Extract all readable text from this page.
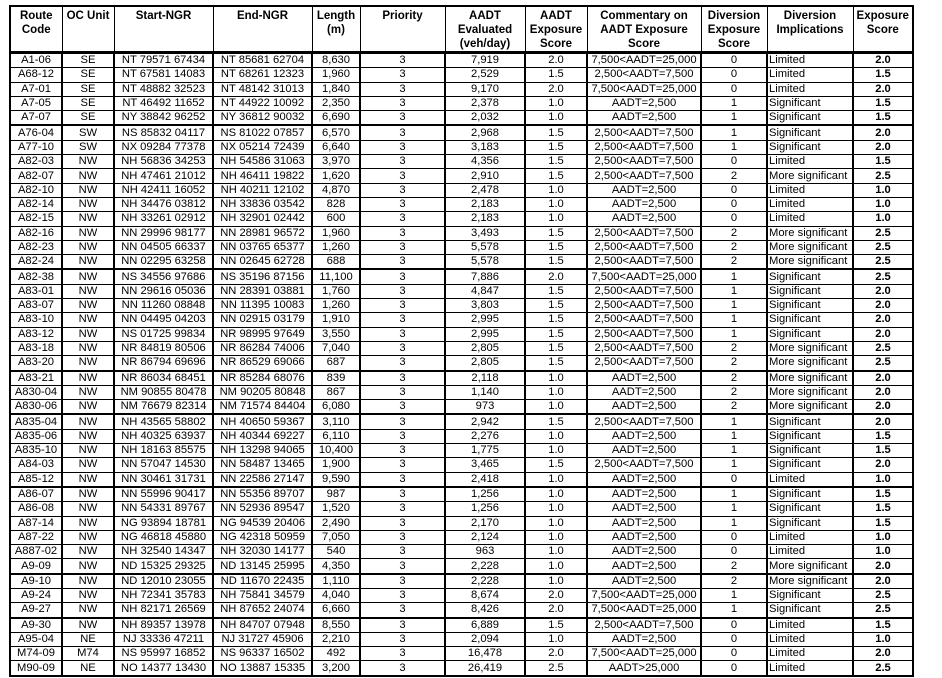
Route Code	OC Unit	Start-NGR	End-NGR	Length (m)	Priority	AADT Evaluated (veh/day)	AADT Exposure Score	Commentary on AADT Exposure Score	Diversion Exposure Score	Diversion Implications	Exposure Score
A1-06	SE	NT 79571 67434	NT 85681 62704	8,630	3	7,919	2.0	7,500<AADT=25,000	0	Limited	2.0
A68-12	SE	NT 67581 14083	NT 68261 12323	1,960	3	2,529	1.5	2,500<AADT=7,500	0	Limited	1.5
A7-01	SE	NT 48882 32523	NT 48142 31013	1,840	3	9,170	2.0	7,500<AADT=25,000	0	Limited	2.0
A7-05	SE	NT 46492 11652	NT 44922 10092	2,350	3	2,378	1.0	AADT=2,500	1	Significant	1.5
A7-07	SE	NY 38842 96252	NY 36812 90032	6,690	3	2,032	1.0	AADT=2,500	1	Significant	1.5
A76-04	SW	NS 85832 04117	NS 81022 07857	6,570	3	2,968	1.5	2,500<AADT=7,500	1	Significant	2.0
A77-10	SW	NX 09284 77378	NX 05214 72439	6,640	3	3,183	1.5	2,500<AADT=7,500	1	Significant	2.0
A82-03	NW	NH 56836 34253	NH 54586 31063	3,970	3	4,356	1.5	2,500<AADT=7,500	0	Limited	1.5
A82-07	NW	NH 47461 21012	NH 46411 19822	1,620	3	2,910	1.5	2,500<AADT=7,500	2	More significant	2.5
A82-10	NW	NH 42411 16052	NH 40211 12102	4,870	3	2,478	1.0	AADT=2,500	0	Limited	1.0
A82-14	NW	NH 34476 03812	NH 33836 03542	828	3	2,183	1.0	AADT=2,500	0	Limited	1.0
A82-15	NW	NH 33261 02912	NH 32901 02442	600	3	2,183	1.0	AADT=2,500	0	Limited	1.0
A82-16	NW	NN 29996 98177	NN 28981 96572	1,960	3	3,493	1.5	2,500<AADT=7,500	2	More significant	2.5
A82-23	NW	NN 04505 66337	NN 03765 65377	1,260	3	5,578	1.5	2,500<AADT=7,500	2	More significant	2.5
A82-24	NW	NN 02295 63258	NN 02645 62728	688	3	5,578	1.5	2,500<AADT=7,500	2	More significant	2.5
A82-38	NW	NS 34556 97686	NS 35196 87156	11,100	3	7,886	2.0	7,500<AADT=25,000	1	Significant	2.5
A83-01	NW	NN 29616 05036	NN 28391 03881	1,760	3	4,847	1.5	2,500<AADT=7,500	1	Significant	2.0
A83-07	NW	NN 11260 08848	NN 11395 10083	1,260	3	3,803	1.5	2,500<AADT=7,500	1	Significant	2.0
A83-10	NW	NN 04495 04203	NN 02915 03179	1,910	3	2,995	1.5	2,500<AADT=7,500	1	Significant	2.0
A83-12	NW	NS 01725 99834	NR 98995 97649	3,550	3	2,995	1.5	2,500<AADT=7,500	1	Significant	2.0
A83-18	NW	NR 84819 80506	NR 86284 74006	7,040	3	2,805	1.5	2,500<AADT=7,500	2	More significant	2.5
A83-20	NW	NR 86794 69696	NR 86529 69066	687	3	2,805	1.5	2,500<AADT=7,500	2	More significant	2.5
A83-21	NW	NR 86034 68451	NR 85284 68076	839	3	2,118	1.0	AADT=2,500	2	More significant	2.0
A830-04	NW	NM 90855 80478	NM 90205 80848	867	3	1,140	1.0	AADT=2,500	2	More significant	2.0
A830-06	NW	NM 76679 82314	NM 71574 84404	6,080	3	973	1.0	AADT=2,500	2	More significant	2.0
A835-04	NW	NH 43565 58802	NH 40650 59367	3,110	3	2,942	1.5	2,500<AADT=7,500	1	Significant	2.0
A835-06	NW	NH 40325 63937	NH 40344 69227	6,110	3	2,276	1.0	AADT=2,500	1	Significant	1.5
A835-10	NW	NH 18163 85575	NH 13298 94065	10,400	3	1,775	1.0	AADT=2,500	1	Significant	1.5
A84-03	NW	NN 57047 14530	NN 58487 13465	1,900	3	3,465	1.5	2,500<AADT=7,500	1	Significant	2.0
A85-12	NW	NN 30461 31731	NN 22586 27147	9,590	3	2,418	1.0	AADT=2,500	0	Limited	1.0
A86-07	NW	NN 55996 90417	NN 55356 89707	987	3	1,256	1.0	AADT=2,500	1	Significant	1.5
A86-08	NW	NN 54331 89767	NN 52936 89547	1,520	3	1,256	1.0	AADT=2,500	1	Significant	1.5
A87-14	NW	NG 93894 18781	NG 94539 20406	2,490	3	2,170	1.0	AADT=2,500	1	Significant	1.5
A87-22	NW	NG 46818 45880	NG 42318 50959	7,050	3	2,124	1.0	AADT=2,500	0	Limited	1.0
A887-02	NW	NH 32540 14347	NH 32030 14177	540	3	963	1.0	AADT=2,500	0	Limited	1.0
A9-09	NW	ND 15325 29325	ND 13145 25995	4,350	3	2,228	1.0	AADT=2,500	2	More significant	2.0
A9-10	NW	ND 12010 23055	ND 11670 22435	1,110	3	2,228	1.0	AADT=2,500	2	More significant	2.0
A9-24	NW	NH 72341 35783	NH 75841 34579	4,040	3	8,674	2.0	7,500<AADT=25,000	1	Significant	2.5
A9-27	NW	NH 82171 26569	NH 87652 24074	6,660	3	8,426	2.0	7,500<AADT=25,000	1	Significant	2.5
A9-30	NW	NH 89357 13978	NH 84707 07948	8,550	3	6,889	1.5	2,500<AADT=7,500	0	Limited	1.5
A95-04	NE	NJ 33336 47211	NJ 31727 45906	2,210	3	2,094	1.0	AADT=2,500	0	Limited	1.0
M74-09	M74	NS 95997 16852	NS 96337 16502	492	3	16,478	2.0	7,500<AADT=25,000	0	Limited	2.0
M90-09	NE	NO 14377 13430	NO 13887 15335	3,200	3	26,419	2.5	AADT>25,000	0	Limited	2.5
